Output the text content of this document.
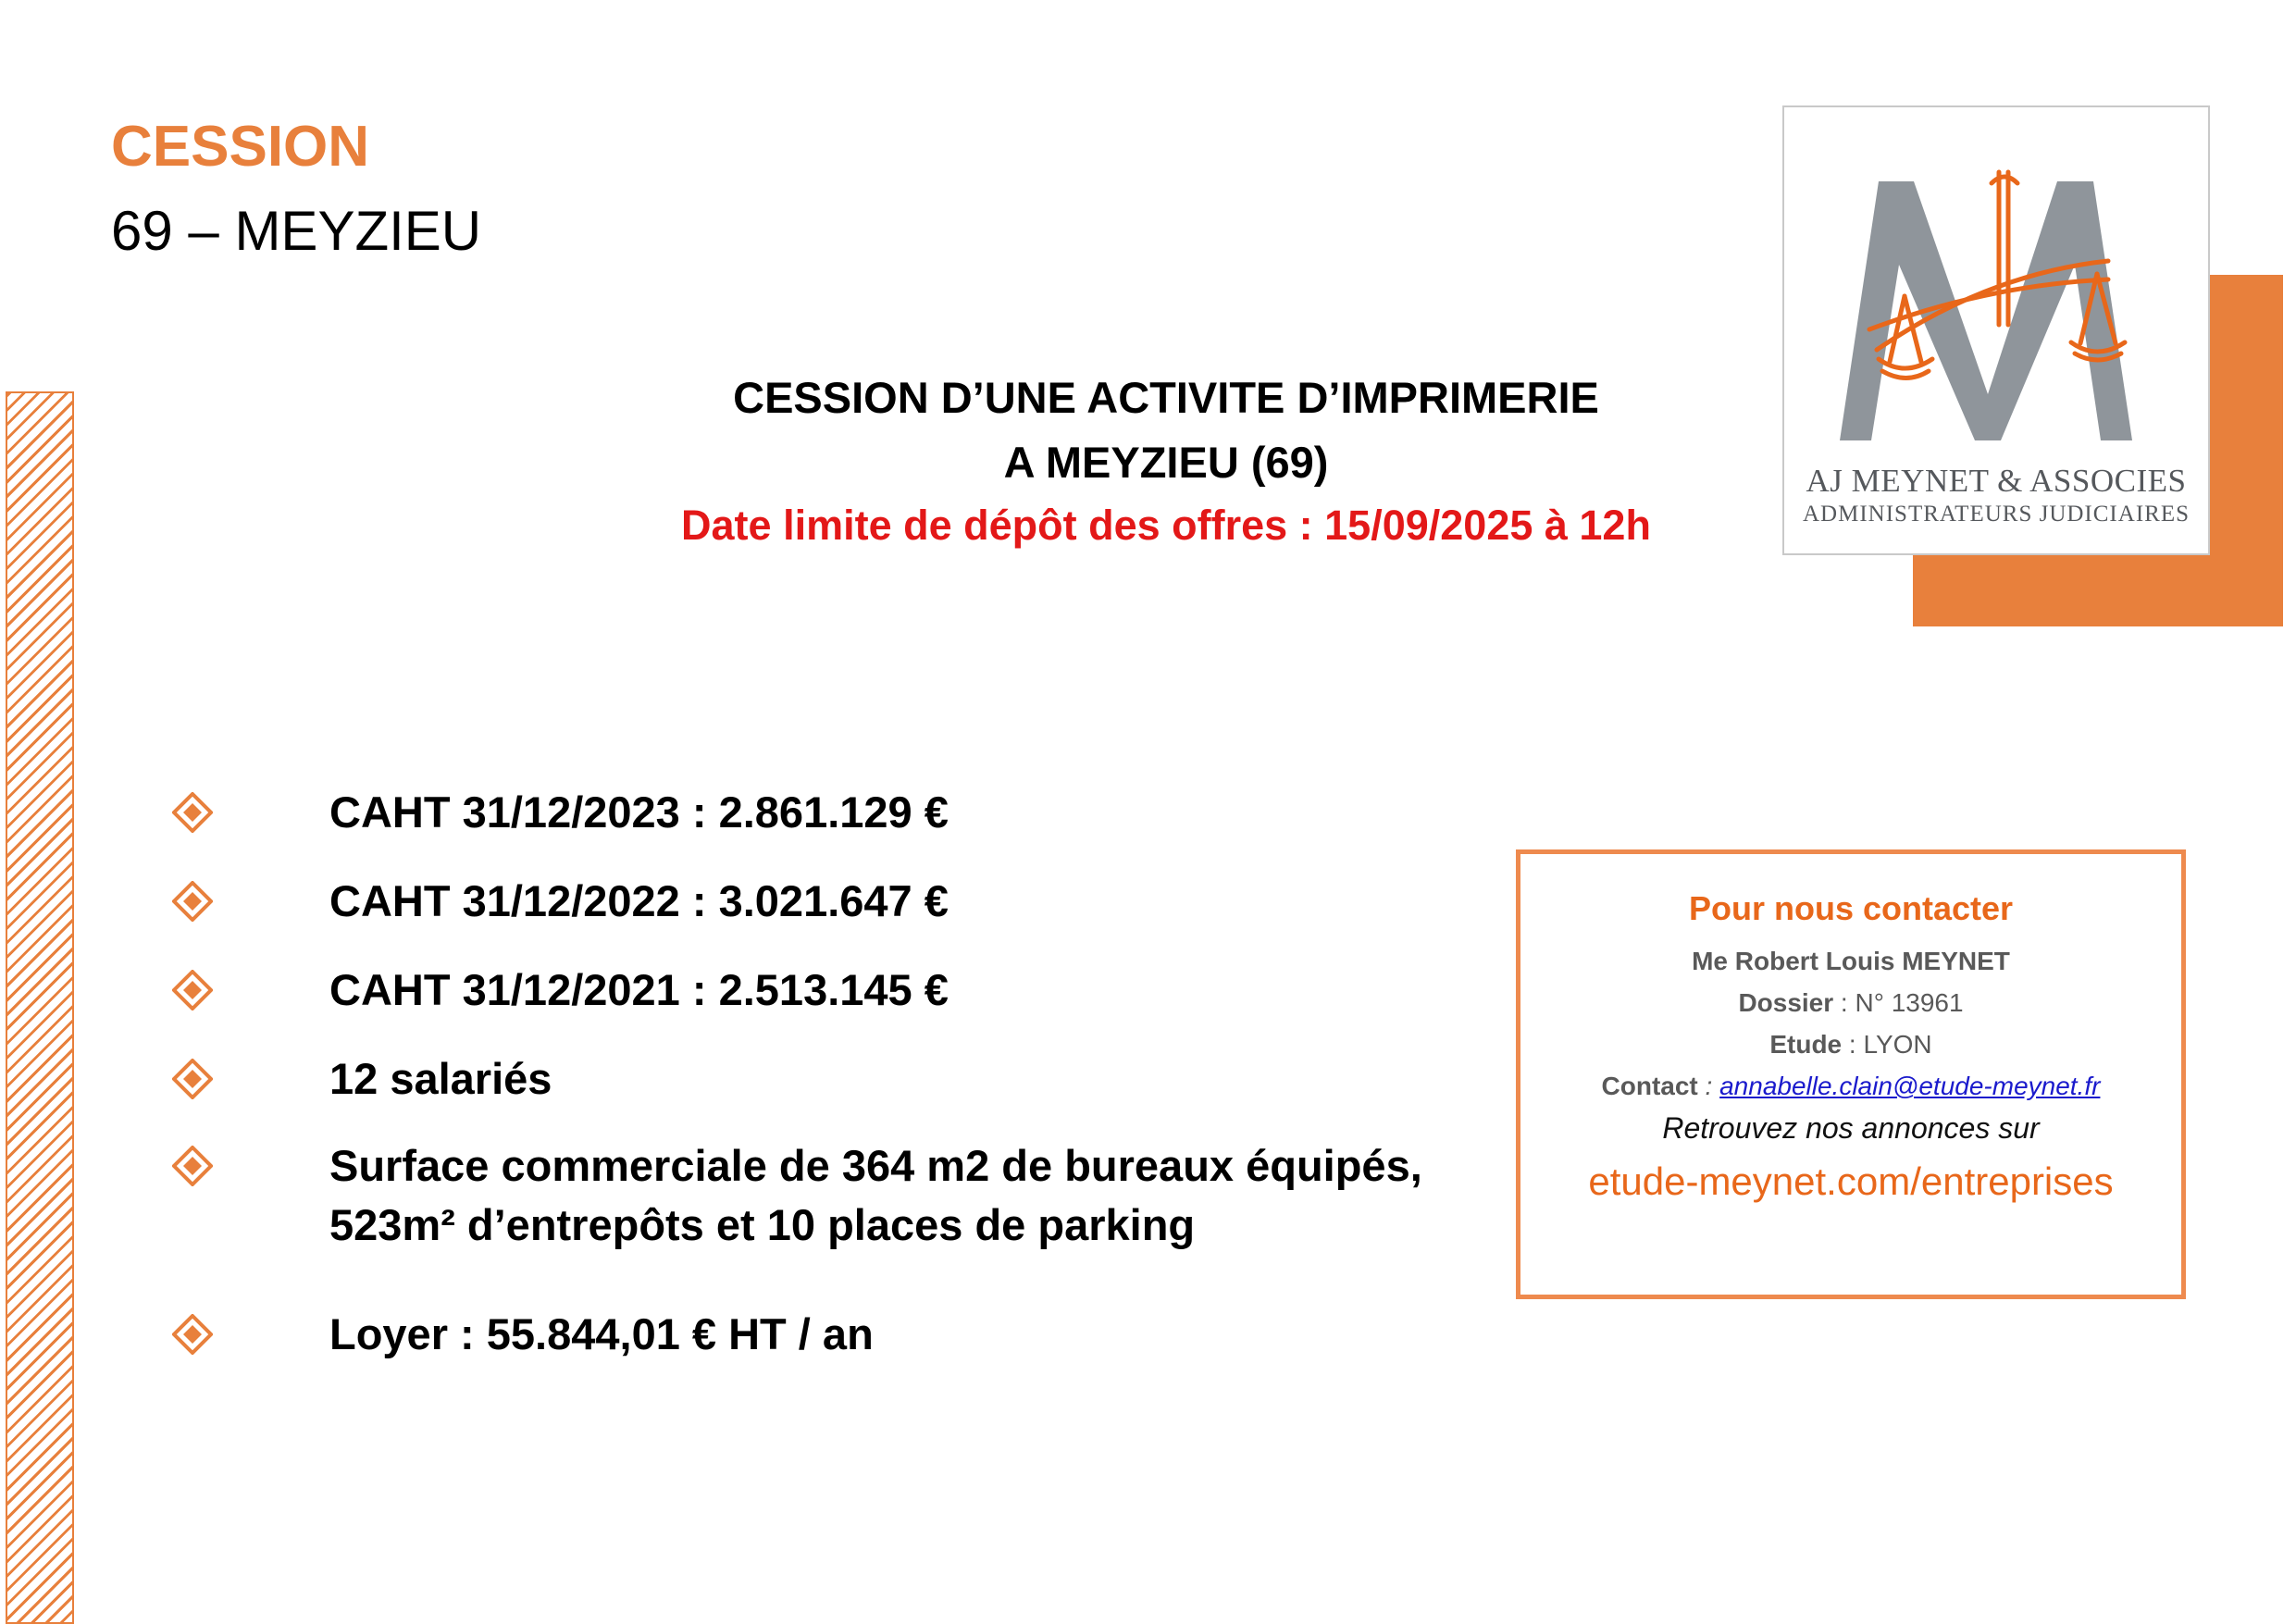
CESSION
69 – MEYZIEU
CESSION D’UNE ACTIVITE D’IMPRIMERIE
A MEYZIEU (69)
Date limite de dépôt des offres : 15/09/2025 à 12h
AJ MEYNET & ASSOCIES
ADMINISTRATEURS JUDICIAIRES
CAHT 31/12/2023 : 2.861.129 €
CAHT 31/12/2022 : 3.021.647 €
CAHT 31/12/2021 : 2.513.145 €
12 salariés
Surface commerciale de 364 m2 de bureaux équipés,  523m² d’entrepôts et 10 places de parking
Loyer : 55.844,01 € HT / an
Pour nous contacter
Me Robert Louis MEYNET
Dossier : N° 13961
Etude : LYON
Contact : annabelle.clain@etude-meynet.fr
Retrouvez nos annonces sur
etude-meynet.com/entreprises
